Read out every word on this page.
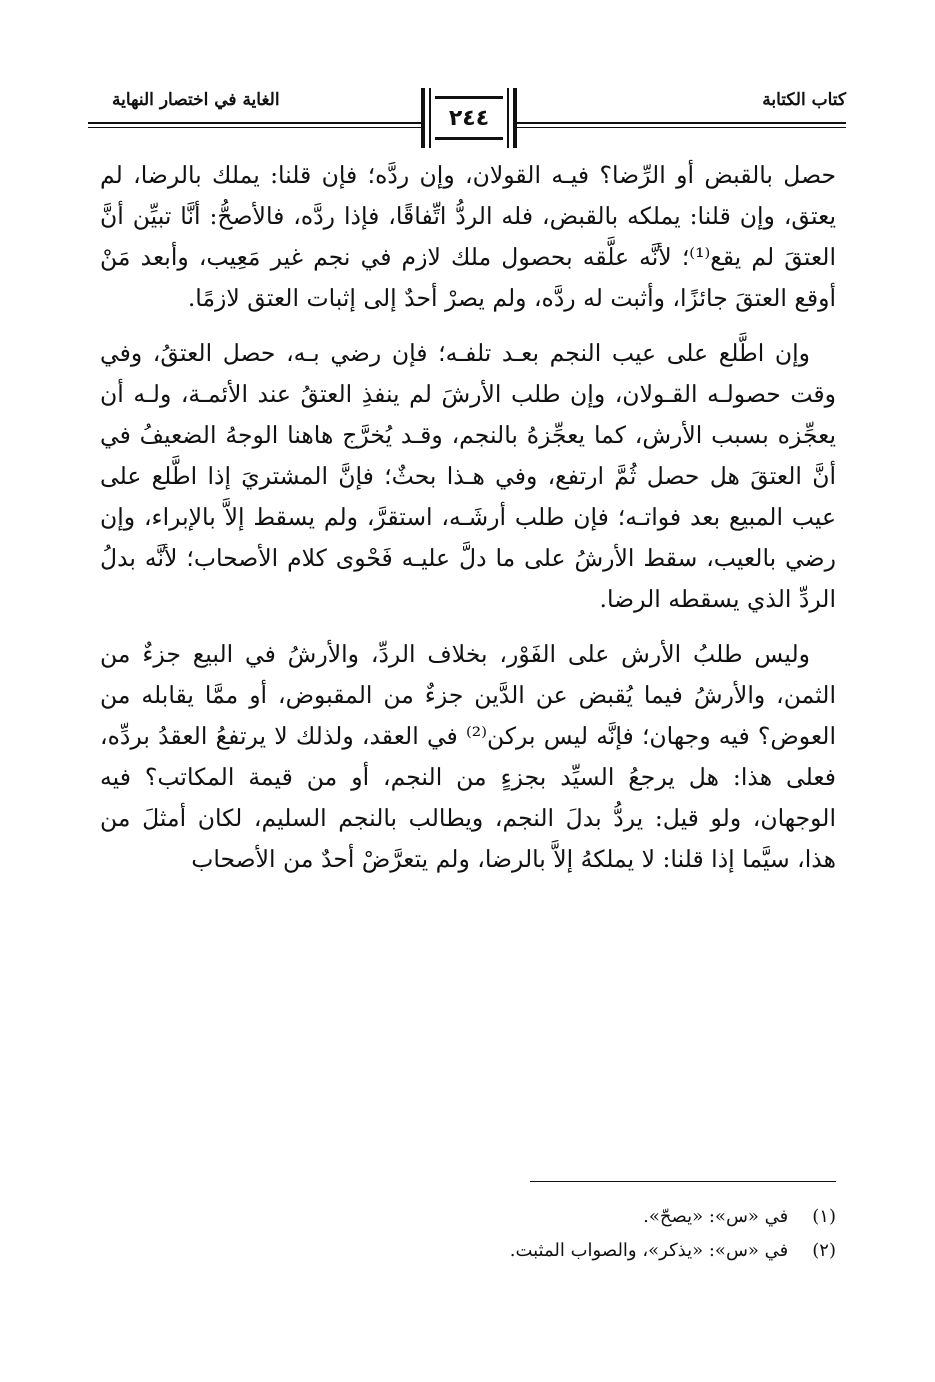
كتاب الكتابة
الغاية في اختصار النهاية
٢٤٤

حصل بالقبض أو الرِّضا؟ فيـه القولان، وإن ردَّه؛ فإن قلنا: يملك بالرضا، لم يعتق، وإن قلنا: يملكه بالقبض، فله الردُّ اتِّفاقًا، فإذا ردَّه، فالأصحُّ: أنَّا تبيِّن أنَّ العتقَ لم يقع⁽¹⁾؛ لأنَّه علَّقه بحصول ملك لازم في نجم غير مَعِيب، وأبعد مَنْ أوقع العتقَ جائزًا، وأثبت له ردَّه، ولم يصرْ أحدٌ إلى إثبات العتق لازمًا.

وإن اطَّلع على عيب النجم بعـد تلفـه؛ فإن رضي بـه، حصل العتقُ، وفي وقت حصولـه القـولان، وإن طلب الأرشَ لم ينفذِ العتقُ عند الأئمـة، ولـه أن يعجِّزه بسبب الأرش، كما يعجِّزهُ بالنجم، وقـد يُخرَّج هاهنا الوجهُ الضعيفُ في أنَّ العتقَ هل حصل ثُمَّ ارتفع، وفي هـذا بحثٌ؛ فإنَّ المشتريَ إذا اطَّلع على عيب المبيع بعد فواتـه؛ فإن طلب أرشَـه، استقرَّ، ولم يسقط إلاَّ بالإبراء، وإن رضي بالعيب، سقط الأرشُ على ما دلَّ عليـه فَحْوى كلام الأصحاب؛ لأنَّه بدلُ الردِّ الذي يسقطه الرضا.

وليس طلبُ الأرش على الفَوْر، بخلاف الردِّ، والأرشُ في البيع جزءٌ من الثمن، والأرشُ فيما يُقبض عن الدَّين جزءٌ من المقبوض، أو ممَّا يقابله من العوض؟ فيه وجهان؛ فإنَّه ليس بركن⁽²⁾ في العقد، ولذلك لا يرتفعُ العقدُ بردِّه، فعلى هذا: هل يرجعُ السيِّد بجزءٍ من النجم، أو من قيمة المكاتب؟ فيه الوجهان، ولو قيل: يردُّ بدلَ النجم، ويطالب بالنجم السليم، لكان أمثلَ من هذا، سيَّما إذا قلنا: لا يملكهُ إلاَّ بالرضا، ولم يتعرَّضْ أحدٌ من الأصحاب

(١) في «س»: «يصحّ».
(٢) في «س»: «يذكر»، والصواب المثبت.
